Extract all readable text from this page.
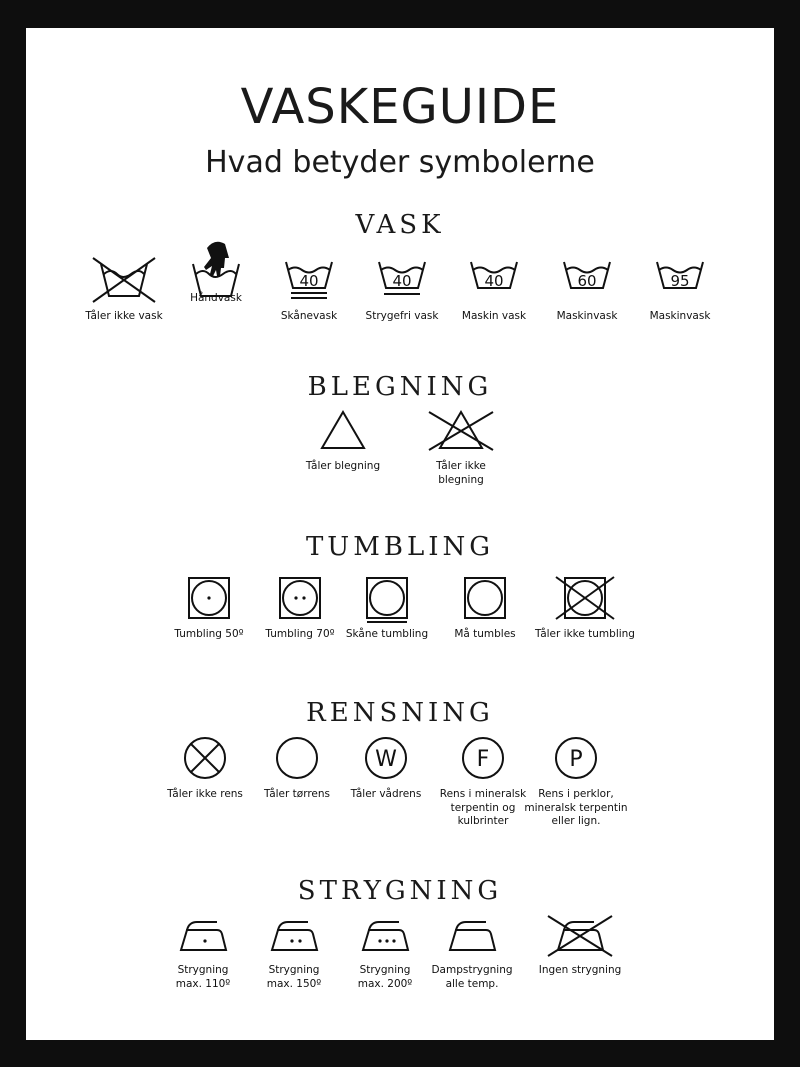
VASKEGUIDE
Hvad betyder symbolerne
VASK
Tåler ikke vask
Håndvask
40
Skånevask
40
Strygefri vask
40
Maskin vask
60
Maskinvask
95
Maskinvask
BLEGNING
Tåler blegning	Tåler ikke
blegning
TUMBLING
Tumbling 50º	Tumbling 70º	Skåne tumbling	Må tumbles	Tåler ikke tumbling
RENSNING
Tåler ikke rens	Tåler tørrens
W
Tåler vådrens
F
Rens i mineralsk
terpentin og
kulbrinter
P
Rens i perklor,
mineralsk terpentin
eller lign.
STRYGNING
Strygning
max. 110º
Strygning
max. 150º
Strygning
max. 200º
Dampstrygning
alle temp.
Ingen strygning
